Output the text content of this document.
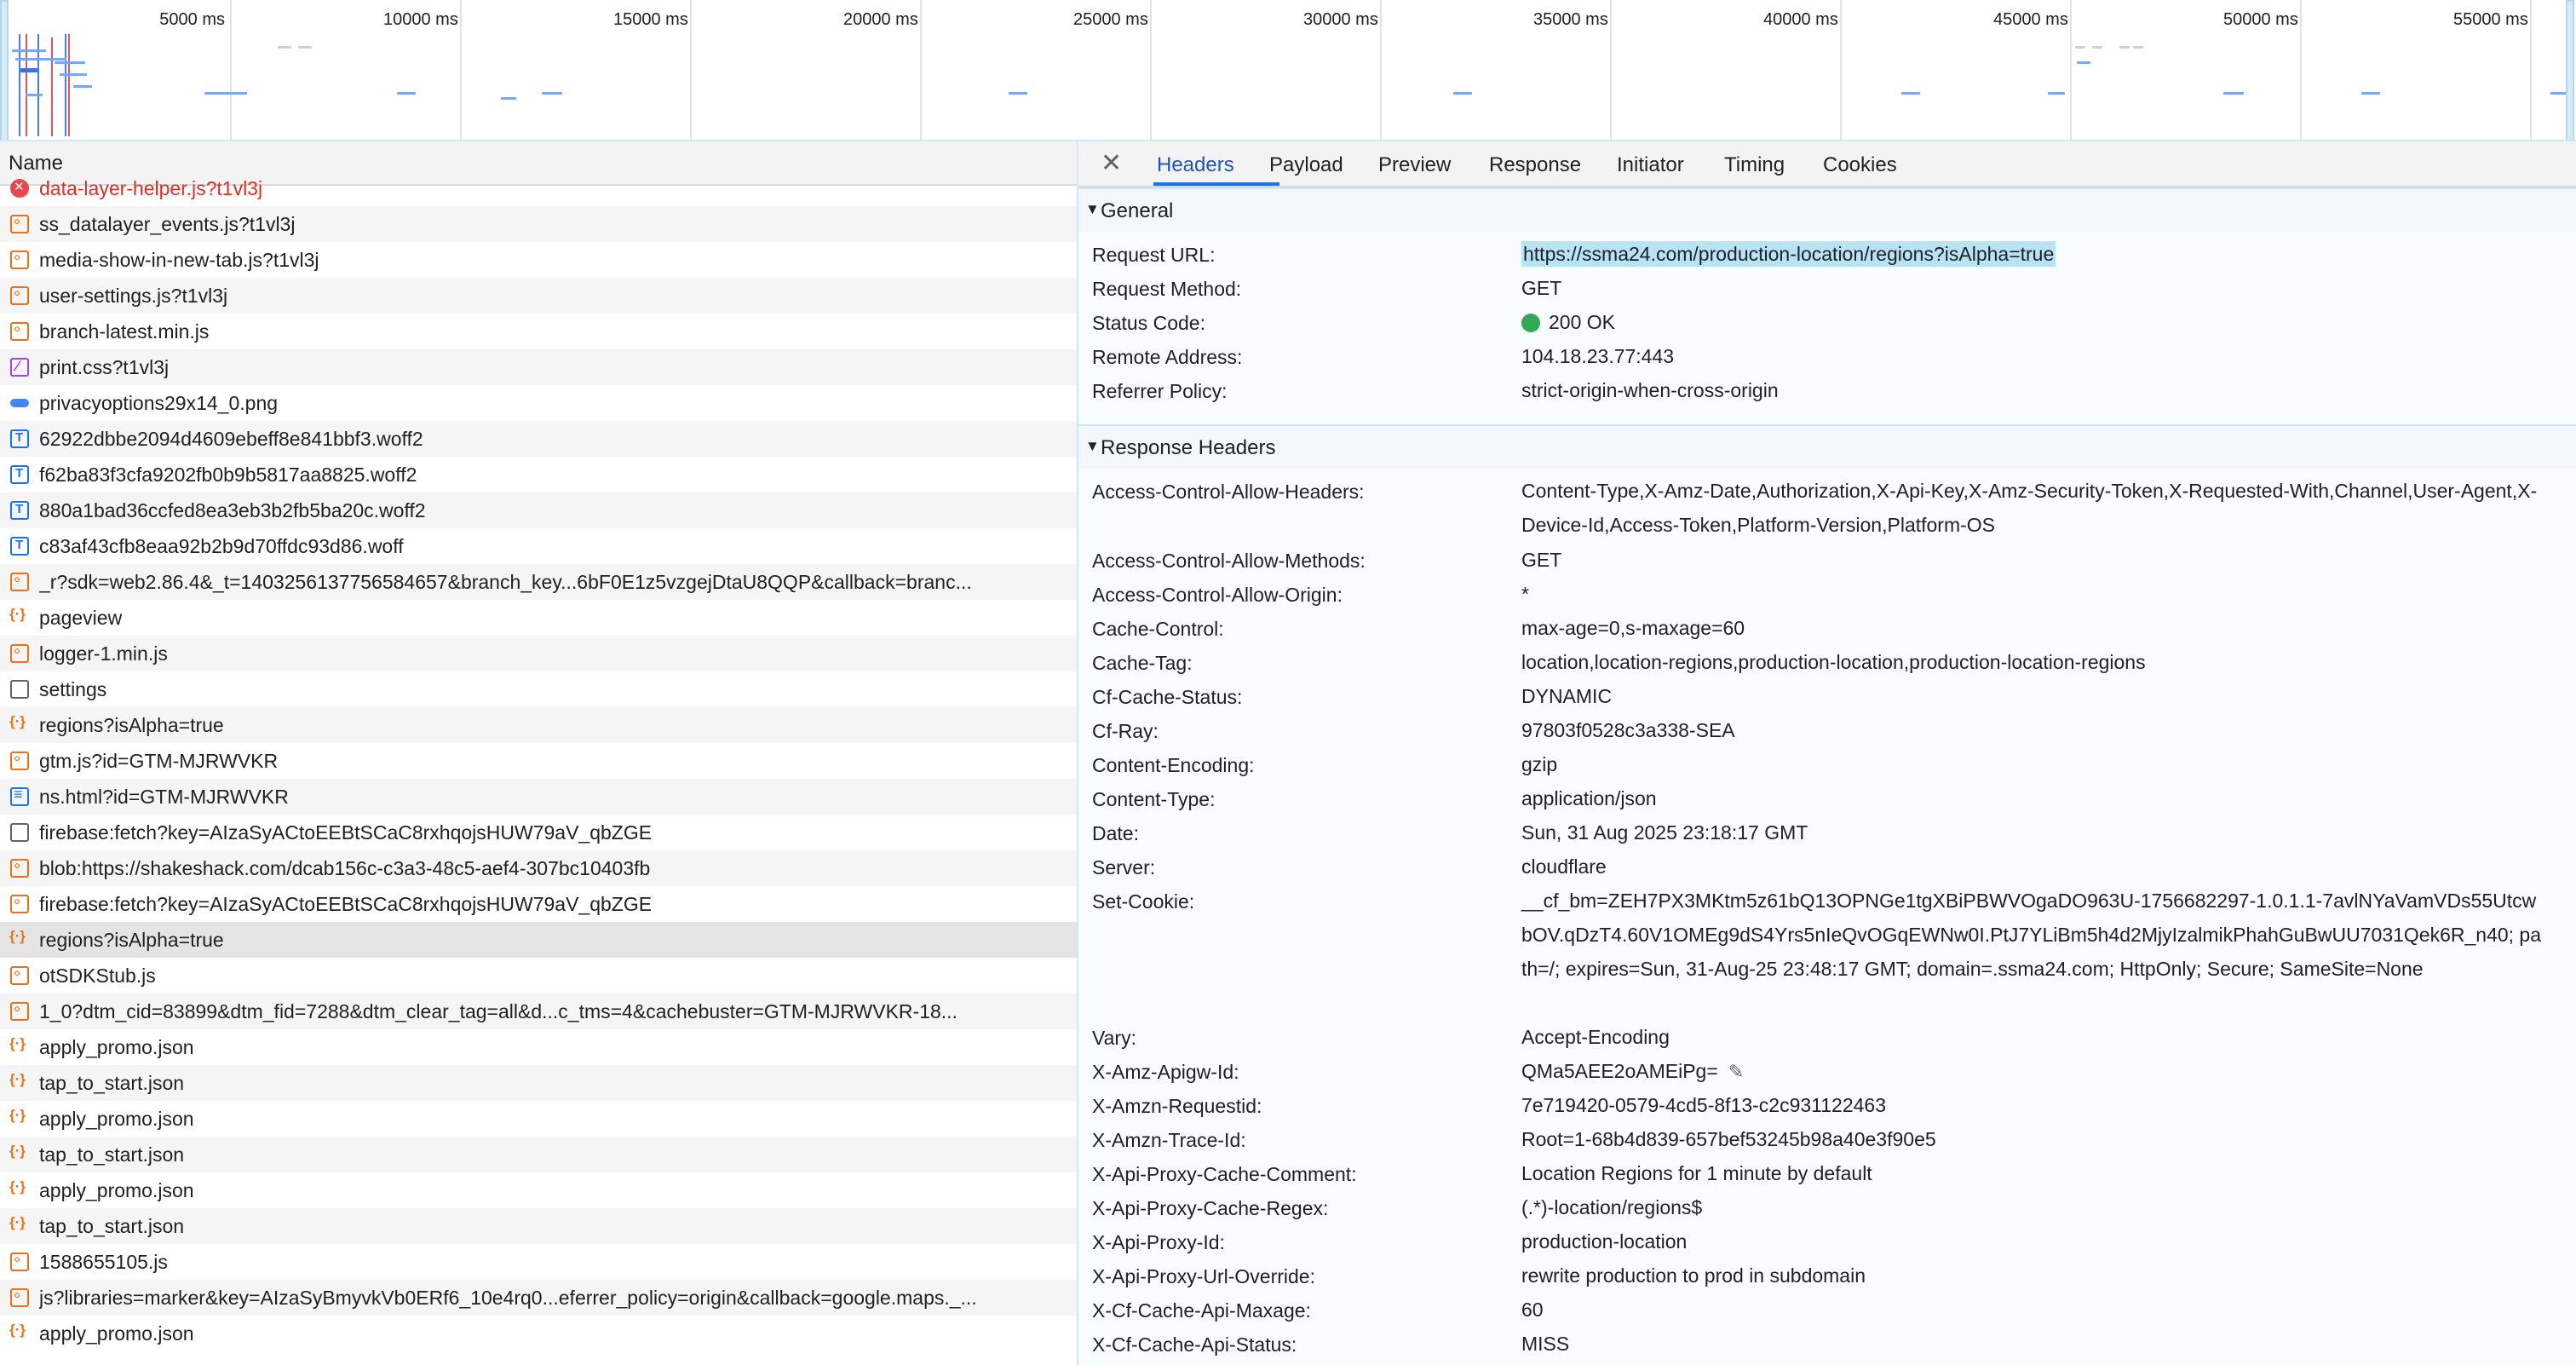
5000 ms	10000 ms	15000 ms	20000 ms	25000 ms	30000 ms	35000 ms	40000 ms	45000 ms	50000 ms	55000 ms
Name
✕
data-layer-helper.js?t1vl3j
‹›
ss_datalayer_events.js?t1vl3j
‹›
media-show-in-new-tab.js?t1vl3j
‹›
user-settings.js?t1vl3j
‹›
branch-latest.min.js
⁄
print.css?t1vl3j
privacyoptions29x14_0.png
T
62922dbbe2094d4609ebeff8e841bbf3.woff2
T
f62ba83f3cfa9202fb0b9b5817aa8825.woff2
T
880a1bad36ccfed8ea3eb3b2fb5ba20c.woff2
T
c83af43cfb8eaa92b2b9d70ffdc93d86.woff
‹›
_r?sdk=web2.86.4&_t=1403256137756584657&branch_key...6bF0E1z5vzgejDtaU8QQP&callback=branc...
{·}
pageview
‹›
logger-1.min.js
settings
{·}
regions?isAlpha=true
‹›
gtm.js?id=GTM-MJRWVKR
≡
ns.html?id=GTM-MJRWVKR
firebase:fetch?key=AIzaSyACtoEEBtSCaC8rxhqojsHUW79aV_qbZGE
‹›
blob:https://shakeshack.com/dcab156c-c3a3-48c5-aef4-307bc10403fb
‹›
firebase:fetch?key=AIzaSyACtoEEBtSCaC8rxhqojsHUW79aV_qbZGE
{·}
regions?isAlpha=true
‹›
otSDKStub.js
‹›
1_0?dtm_cid=83899&dtm_fid=7288&dtm_clear_tag=all&d...c_tms=4&cachebuster=GTM-MJRWVKR-18...
{·}
apply_promo.json
{·}
tap_to_start.json
{·}
apply_promo.json
{·}
tap_to_start.json
{·}
apply_promo.json
{·}
tap_to_start.json
‹›
1588655105.js
‹›
js?libraries=marker&key=AIzaSyBmyvkVb0ERf6_10e4rq0...eferrer_policy=origin&callback=google.maps._...
{·}
apply_promo.json
✕ Headers Payload Preview Response Initiator Timing Cookies
▼ General
Request URL:	https://ssma24.com/production-location/regions?isAlpha=true
Request Method:	GET
Status Code:	200 OK
Remote Address:	104.18.23.77:443
Referrer Policy:	strict-origin-when-cross-origin
▼ Response Headers
Access-Control-Allow-Headers:	Content-Type,X-Amz-Date,Authorization,X-Api-Key,X-Amz-Security-Token,X-Requested-With,Channel,User-Agent,X-Device-Id,Access-Token,Platform-Version,Platform-OS
Access-Control-Allow-Methods:	GET
Access-Control-Allow-Origin:	*
Cache-Control:	max-age=0,s-maxage=60
Cache-Tag:	location,location-regions,production-location,production-location-regions
Cf-Cache-Status:	DYNAMIC
Cf-Ray:	97803f0528c3a338-SEA
Content-Encoding:	gzip
Content-Type:	application/json
Date:	Sun, 31 Aug 2025 23:18:17 GMT
Server:	cloudflare
Set-Cookie:	__cf_bm=ZEH7PX3MKtm5z61bQ13OPNGe1tgXBiPBWVOgaDO963U-1756682297-1.0.1.1-7avlNYaVamVDs55UtcwbOV.qDzT4.60V1OMEg9dS4Yrs5nIeQvOGqEWNw0I.PtJ7YLiBm5h4d2MjyIzalmikPhahGuBwUU7031Qek6R_n40; path=/; expires=Sun, 31-Aug-25 23:48:17 GMT; domain=.ssma24.com; HttpOnly; Secure; SameSite=None
Vary:	Accept-Encoding
X-Amz-Apigw-Id:	QMa5AEE2oAMEiPg= ✎
X-Amzn-Requestid:	7e719420-0579-4cd5-8f13-c2c931122463
X-Amzn-Trace-Id:	Root=1-68b4d839-657bef53245b98a40e3f90e5
X-Api-Proxy-Cache-Comment:	Location Regions for 1 minute by default
X-Api-Proxy-Cache-Regex:	(.*)-location/regions$
X-Api-Proxy-Id:	production-location
X-Api-Proxy-Url-Override:	rewrite production to prod in subdomain
X-Cf-Cache-Api-Maxage:	60
X-Cf-Cache-Api-Status:	MISS
